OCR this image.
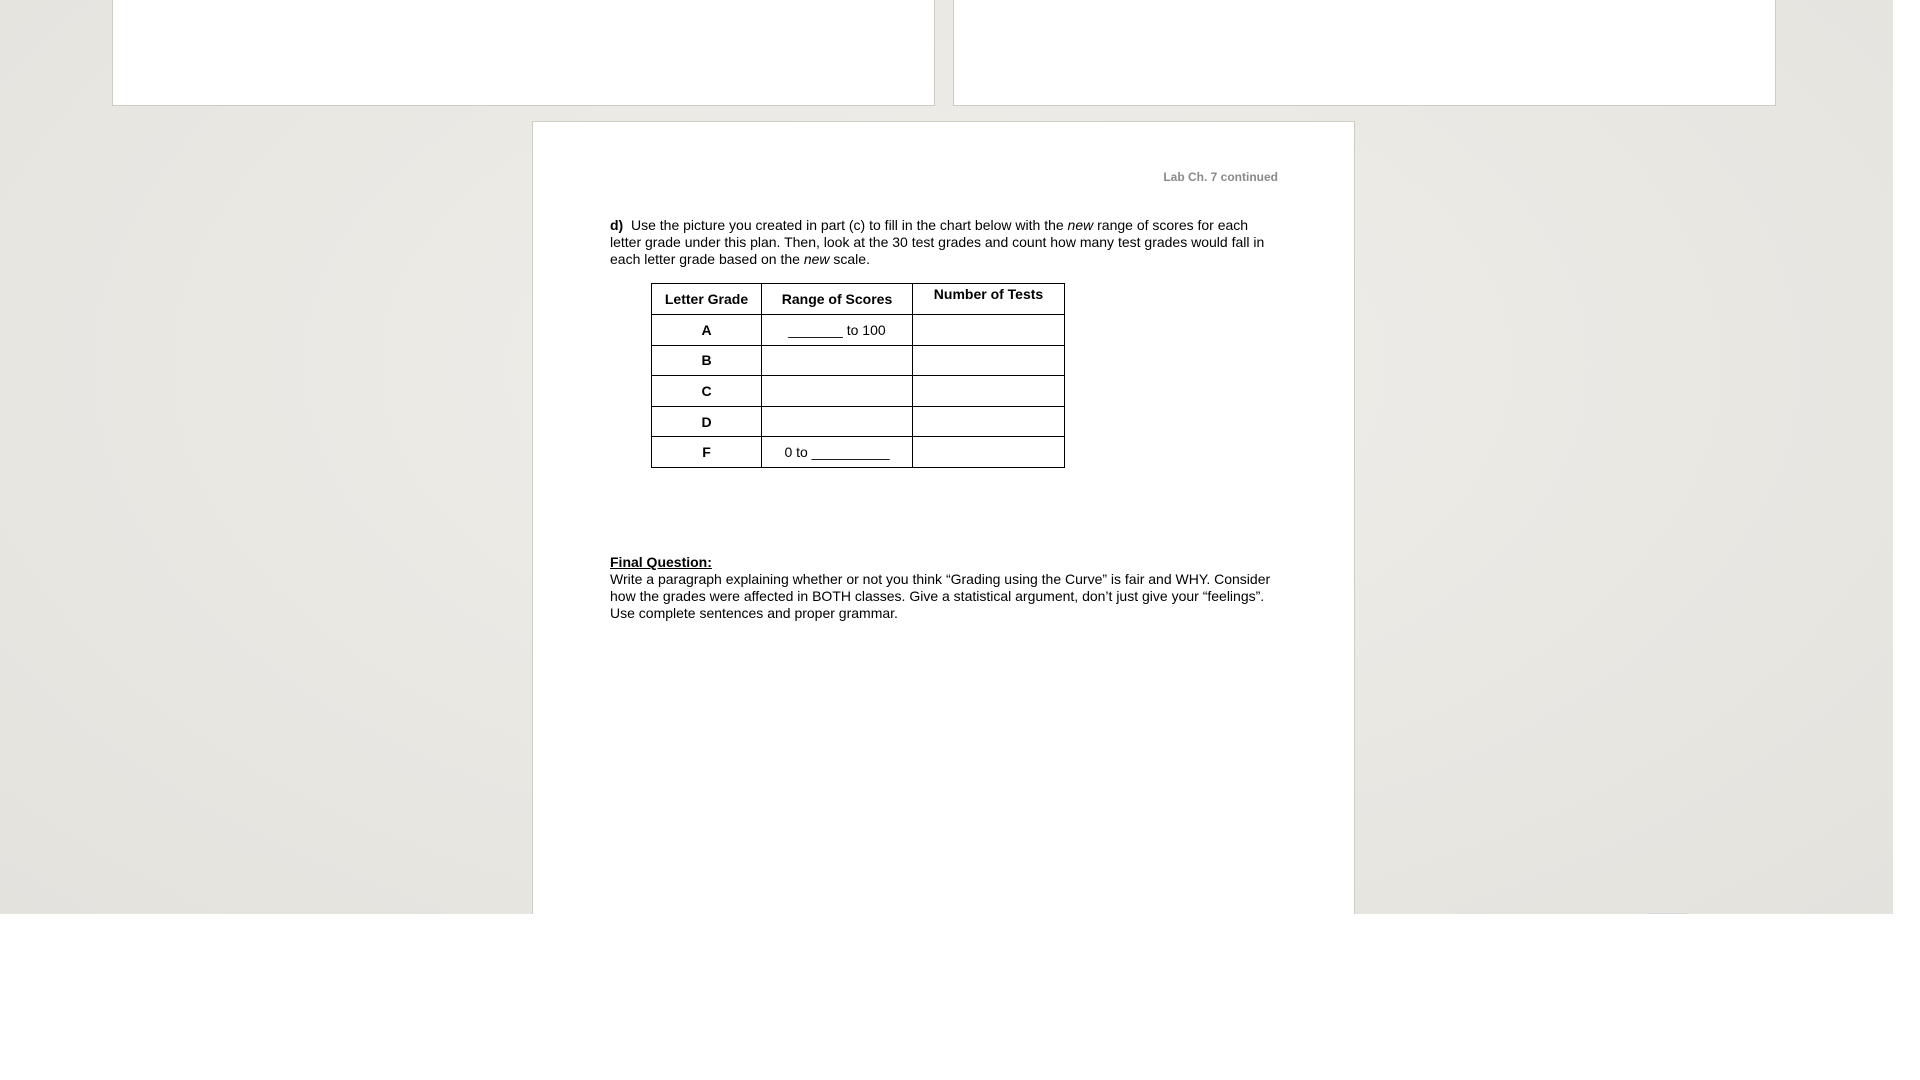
Lab Ch. 7 continued

d) Use the picture you created in part (c) to fill in the chart below with the new range of scores for each letter grade under this plan. Then, look at the 30 test grades and count how many test grades would fall in each letter grade based on the new scale.

Letter Grade	Range of Scores	Number of Tests
A	_______ to 100	
B		
C		
D		
F	0 to __________	
Final Question:
Write a paragraph explaining whether or not you think “Grading using the Curve” is fair and WHY. Consider how the grades were affected in BOTH classes. Give a statistical argument, don’t just give your “feelings”. Use complete sentences and proper grammar.
